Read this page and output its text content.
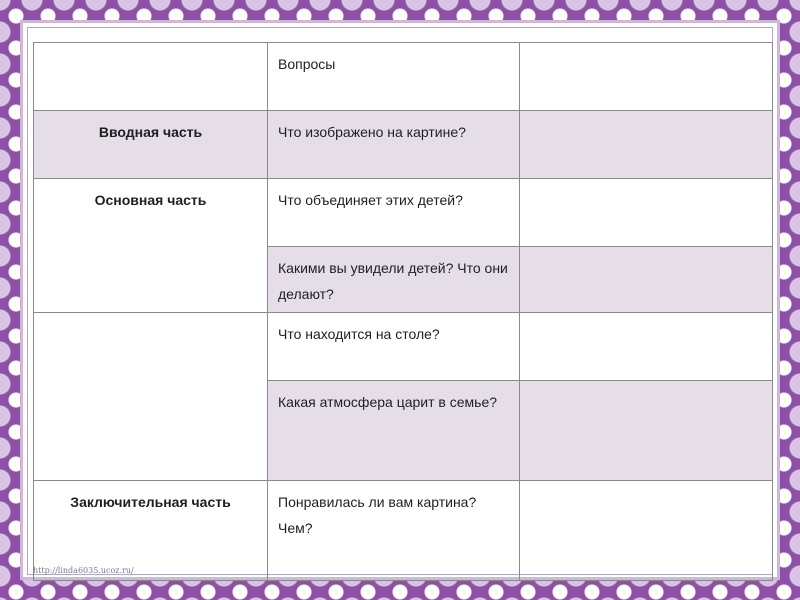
	Вопросы	
Вводная часть	Что изображено на картине?	
Основная часть	Что объединяет этих детей?	
	Какими вы увидели детей? Что они делают?	
	Что находится на столе?	
	Какая атмосфера царит в семье?	
Заключительная часть	Понравилась ли вам картина? Чем?	
http://linda6035.ucoz.ru/
